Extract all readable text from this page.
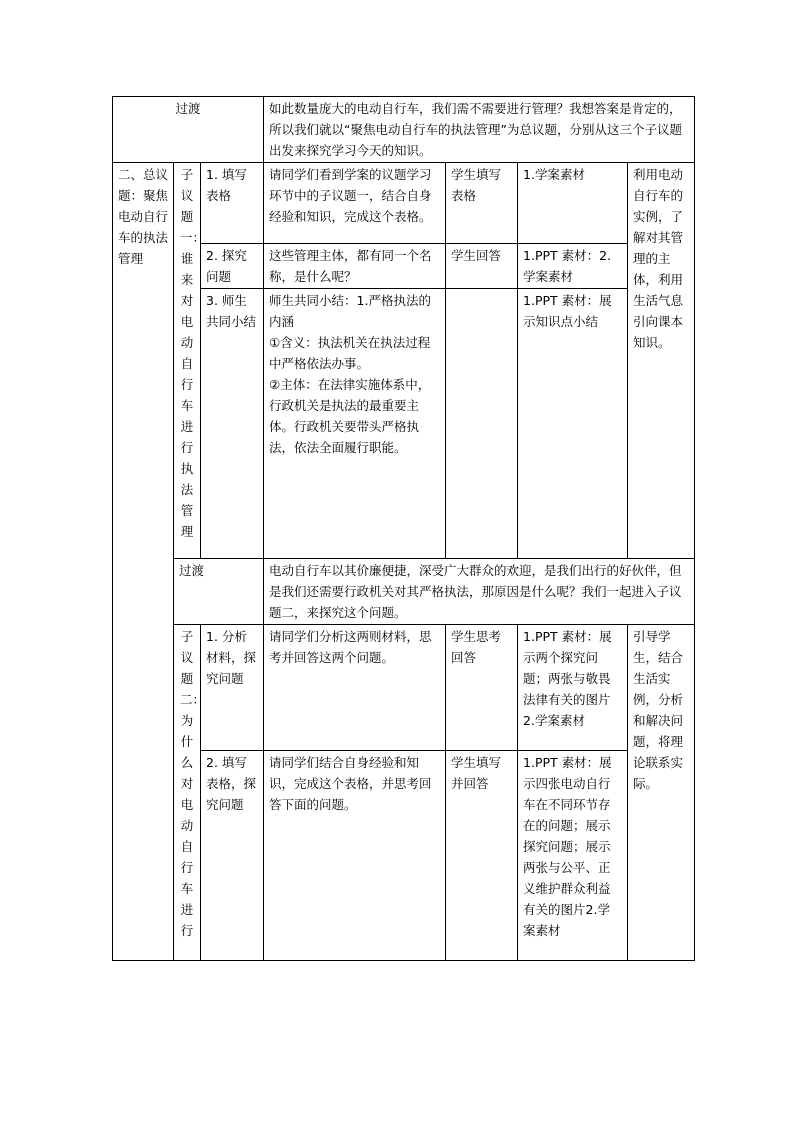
过渡			如此数量庞大的电动自行车，我们需不需要进行管理？我想答案是肯定的，所以我们就以“聚焦电动自行车的执法管理”为总议题，分别从这三个子议题出发来探究学习今天的知识。			
二、总议题：聚焦电动自行车的执法管理	子议题一：谁来对电动自行车进行执法管理	1. 填写表格	请同学们看到学案的议题学习环节中的子议题一，结合自身经验和知识，完成这个表格。	学生填写表格	1.学案素材	利用电动自行车的实例，了解对其管理的主体，利用生活气息引向课本知识。
		2. 探究问题	这些管理主体，都有同一个名称，是什么呢？	学生回答	1.PPT 素材：2.学案素材	
		3. 师生共同小结	师生共同小结：1.严格执法的内涵
①含义：执法机关在执法过程中严格依法办事。
②主体：在法律实施体系中，行政机关是执法的最重要主体。行政机关要带头严格执法，依法全面履行职能。		1.PPT 素材：展示知识点小结	
	过渡		电动自行车以其价廉便捷，深受广大群众的欢迎，是我们出行的好伙伴，但是我们还需要行政机关对其严格执法，那原因是什么呢？我们一起进入子议题二，来探究这个问题。			

	子议题二：为什么对电动自行车进行	1. 分析材料，探究问题	请同学们分析这两则材料，思考并回答这两个问题。	学生思考回答	1.PPT 素材：展示两个探究问题；两张与敬畏法律有关的图片2.学案素材	引导学生，结合生活实例，分析和解决问题，将理论联系实际。
		2. 填写表格，探究问题	请同学们结合自身经验和知识，完成这个表格，并思考回答下面的问题。	学生填写并回答	1.PPT 素材：展示四张电动自行车在不同环节存在的问题；展示探究问题；展示两张与公平、正义维护群众利益有关的图片2.学案素材	
